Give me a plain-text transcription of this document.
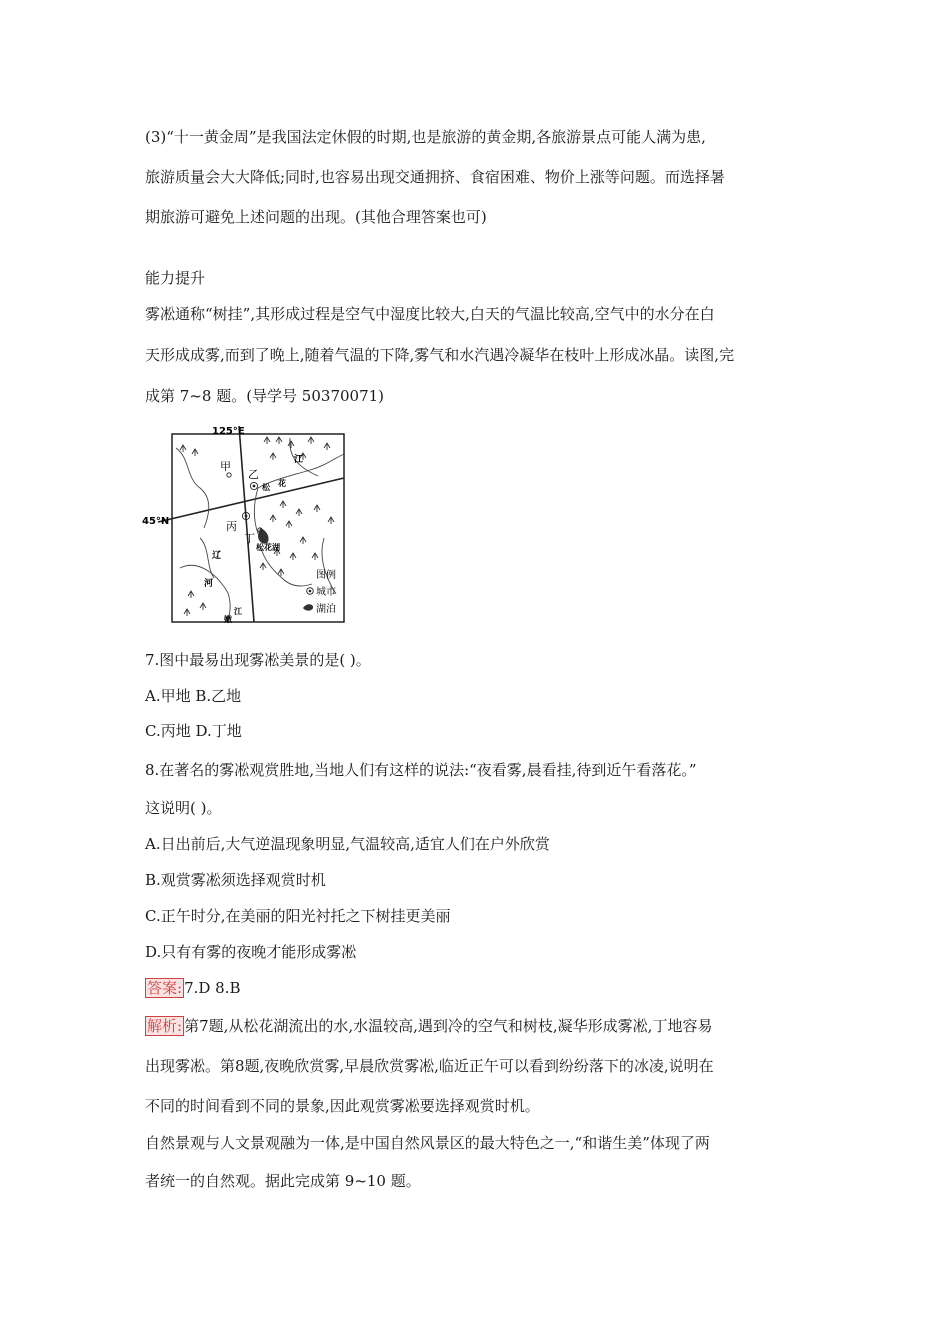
(3)“十一黄金周”是我国法定休假的时期,也是旅游的黄金期,各旅游景点可能人满为患,
旅游质量会大大降低;同时,也容易出现交通拥挤、食宿困难、物价上涨等问题。而选择暑
期旅游可避免上述问题的出现。(其他合理答案也可)
能力提升
雾凇通称“树挂”,其形成过程是空气中湿度比较大,白天的气温比较高,空气中的水分在白
天形成成雾,而到了晚上,随着气温的下降,雾气和水汽遇冷凝华在枝叶上形成冰晶。读图,完
成第 7~8 题。(导学号 50370071)
125°E
45°N
甲
乙
丙
丁
江
松 花
松花湖
辽
河
嫩
江
图例
城市
湖泊
7.图中最易出现雾凇美景的是( )。
A.甲地 B.乙地
C.丙地 D.丁地
8.在著名的雾凇观赏胜地,当地人们有这样的说法:“夜看雾,晨看挂,待到近午看落花。”
这说明( )。
A.日出前后,大气逆温现象明显,气温较高,适宜人们在户外欣赏
B.观赏雾凇须选择观赏时机
C.正午时分,在美丽的阳光衬托之下树挂更美丽
D.只有有雾的夜晚才能形成雾凇
答案: 7.D 8.B
解析: 第7题,从松花湖流出的水,水温较高,遇到冷的空气和树枝,凝华形成雾凇,丁地容易
出现雾凇。第8题,夜晚欣赏雾,早晨欣赏雾凇,临近正午可以看到纷纷落下的冰凌,说明在
不同的时间看到不同的景象,因此观赏雾凇要选择观赏时机。
自然景观与人文景观融为一体,是中国自然风景区的最大特色之一,“和谐生美”体现了两
者统一的自然观。据此完成第 9~10 题。
